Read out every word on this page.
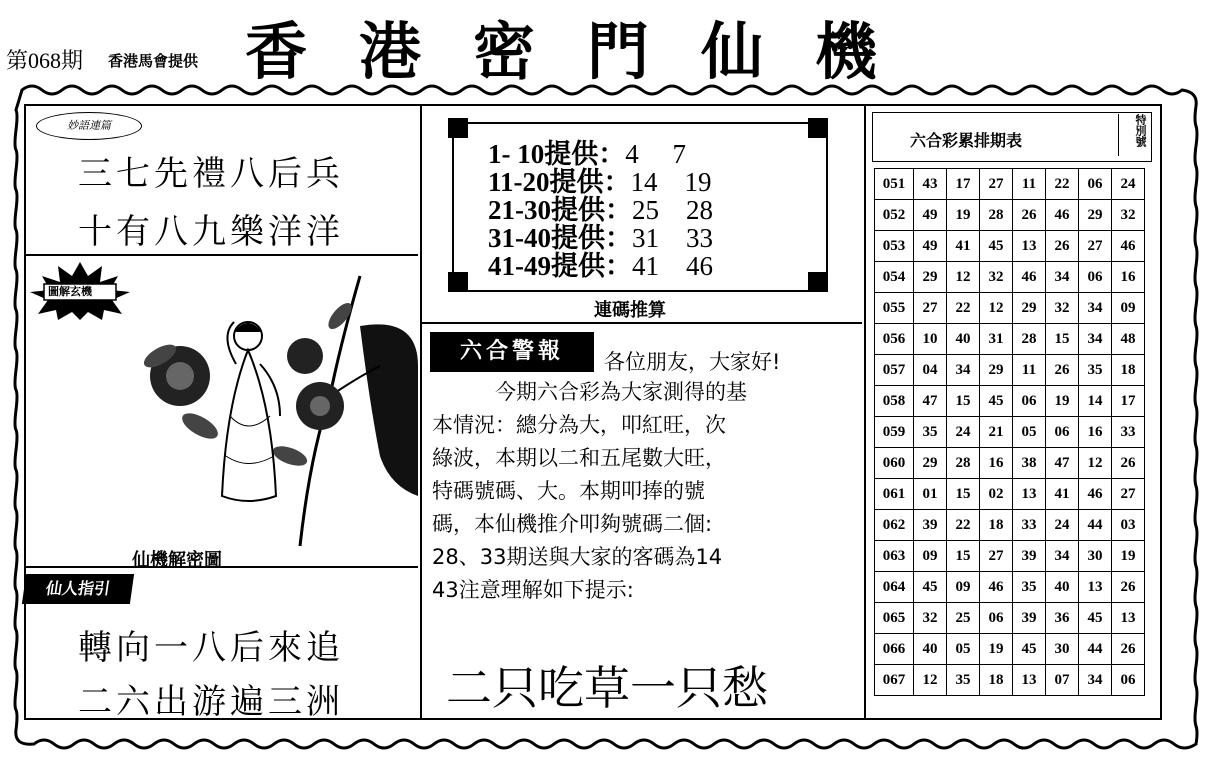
第068期 香港馬會提供 香港密門仙機
妙語連篇
三七先禮八后兵
十有八九樂洋洋
圖解玄機
仙機解密圖
仙人指引
轉向一八后來追
二六出游遍三洲
1- 10提供：4　 7
11-20提供：14　19
21-30提供：25　28
31-40提供：31　33
41-49提供：41　46
連碼推算
六合警報	各位朋友，大家好!
　今期六合彩為大家測得的基
本情況：總分為大，叩紅旺，次
綠波，本期以二和五尾數大旺，
特碼號碼、大。本期叩捧的號
碼，本仙機推介叩夠號碼二個:
28、33期送與大家的客碼為14
43注意理解如下提示:
二只吃草一只愁
六合彩累排期表	特別號
051	43	17	27	11	22	06	24
052	49	19	28	26	46	29	32
053	49	41	45	13	26	27	46
054	29	12	32	46	34	06	16
055	27	22	12	29	32	34	09
056	10	40	31	28	15	34	48
057	04	34	29	11	26	35	18
058	47	15	45	06	19	14	17
059	35	24	21	05	06	16	33
060	29	28	16	38	47	12	26
061	01	15	02	13	41	46	27
062	39	22	18	33	24	44	03
063	09	15	27	39	34	30	19
064	45	09	46	35	40	13	26
065	32	25	06	39	36	45	13
066	40	05	19	45	30	44	26
067	12	35	18	13	07	34	06
